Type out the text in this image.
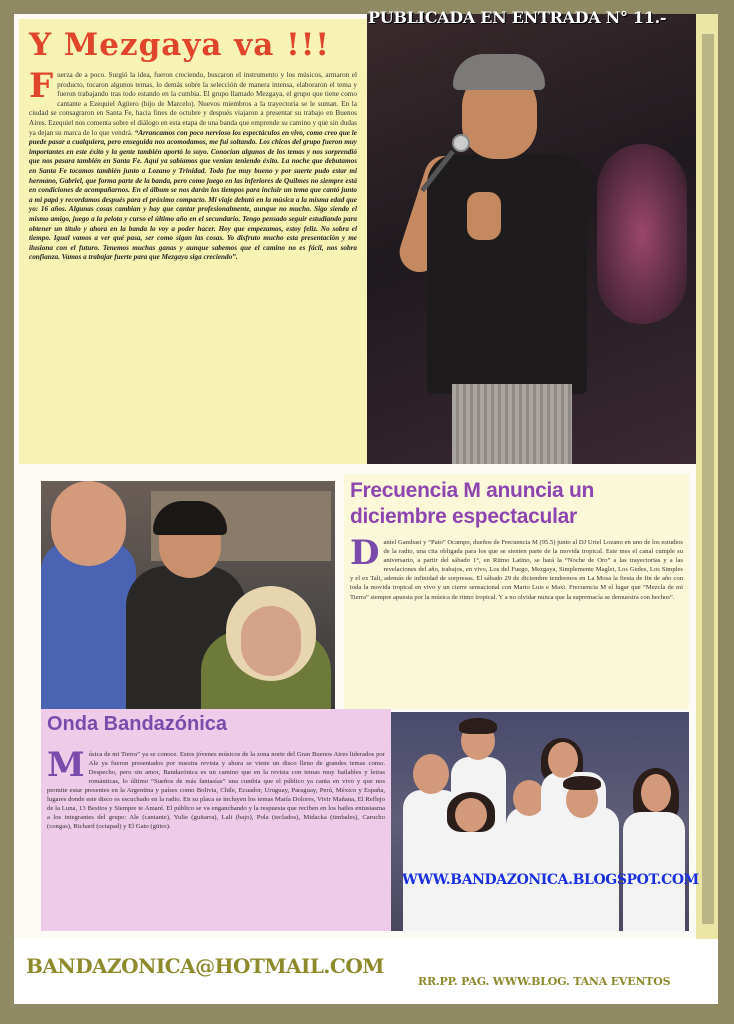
Y Mezgaya va !!!
F uerza de a poco. Surgió la idea, fueron creciendo, buscaron el instrumento y los músicos, armaron el producto, tocaron algunos temas, lo demás sobre la selección de manera intensa, elaboraron el tema y fueron trabajando tras todo estando en la cumbia. El grupo llamado Mezgaya, el grupo que tiene como cantante a Ezequiel Agüero (hijo de Marcelo). Nuevos miembros a la trayectoria se le suman. En la ciudad se consagraron en Santa Fe, hacia fines de octubre y después viajaron a presentar su trabajo en Buenos Aires. Ezequiel nos comenta sobre el diálogo en esta etapa de una banda que emprende su camino y que sin dudas ya dejan su marca de lo que vendrá. “Arrancamos con poco nervioso los espectáculos en vivo, como creo que le puede pasar a cualquiera, pero enseguida nos acomodamos, me fui soltando. Los chicos del grupo fueron muy importantes en este éxito y la gente también aportó lo suyo. Conocían algunos de los temas y nos sorprendió que nos pasara también en Santa Fe. Aquí ya sabíamos que venían teniendo éxito. La noche que debutamos en Santa Fe tocamos también junto a Lozano y Trinidad. Todo fue muy bueno y por suerte pudo estar mi hermano, Gabriel, que forma parte de la banda, pero como juego en las inferiores de Quilmes no siempre está en condiciones de acompañarnos. En el álbum se nos darán los tiempos para incluir un tema que cantó junto a mi papá y recordamos después para el próximo compacto. Mi viaje debutó en la música a la misma edad que yo: 16 años. Algunas cosas cambian y hay que cantar profesionalmente, aunque no mucho. Sigo siendo el mismo amigo, juego a la pelota y curso el último año en el secundario. Tengo pensado seguir estudiando para obtener un título y ahora en la banda lo voy a poder hacer. Hoy que empezamos, estoy feliz. No sobra el tiempo. Igual vamos a ver qué pasa, ser como sigan las cosas. Yo disfruto mucho esta presentación y me ilusiona con el futuro. Tenemos muchas ganas y aunque sabemos que el camino no es fácil, nos sobra confianza. Vamos a trabajar fuerte para que Mezgaya siga creciendo”.
Frecuencia M anuncia un diciembre espectacular
D aniel Gambasi y “Pato” Ocampo, dueños de Frecuencia M (95.5) junto al DJ Uriel Lozano en uno de los estudios de la radio, una cita obligada para los que se sienten parte de la movida tropical. Este mes el canal cumple su aniversario, a partir del sábado 1°, en Ritmo Latino, se hará la “Noche de Oro” a las trayectorias y a las revelaciones del año, trabajos, en vivo, Los del Fuego, Mezgaya, Simplemente Maglet, Los Gedes, Los Simples y el ex Tali, además de infinidad de sorpresas. El sábado 29 de diciembre tendremos en La Mosa la fiesta de fin de año con toda la movida tropical en vivo y un cierre sensacional con Mario Luis e Maxi. Frecuencia M el lugar que “Mezcla de mi Tierra” siempre apuesta por la música de ritmo tropical. Y a no olvidar nunca que la supremacía se demuestra con hechos”.
Onda Bandazónica
M úsica de mi Tierra” ya se conoce. Estos jóvenes músicos de la zona norte del Gran Buenos Aires liderados por Ale ya fueron presentados por nuestra revista y ahora se viene un disco lleno de grandes temas como. Despecho, pero sin amor, Bandazónica es un camino que en la revista con temas muy bailables y letras románticas, lo último “Sueños de más fantasías” una cumbia que el público ya canta en vivo y que nos permite estar presentes en la Argentina y países como Bolivia, Chile, Ecuador, Uruguay, Paraguay, Perú, México y España, lugares donde este disco es escuchado en la radio. En su placa se incluyen los temas María Dolores, Vivir Mañana, El Reflejo de la Luna, 13 Besitos y Siempre te Amaré. El público se va enganchando y la respuesta que reciben en los bailes entusiasma a los integrantes del grupo: Ale (cantante), Yulie (guitarra), Lali (bajo), Pola (teclados), Midacka (timbales), Carucho (congas), Richard (octapad) y El Gato (güiro).
WWW.BANDAZONICA.BLOGSPOT.COM
BANDAZONICA@HOTMAIL.COM
RR.PP. PAG. WWW.BLOG. TANA EVENTOS
PUBLICADA EN ENTRADA N° 11.-
